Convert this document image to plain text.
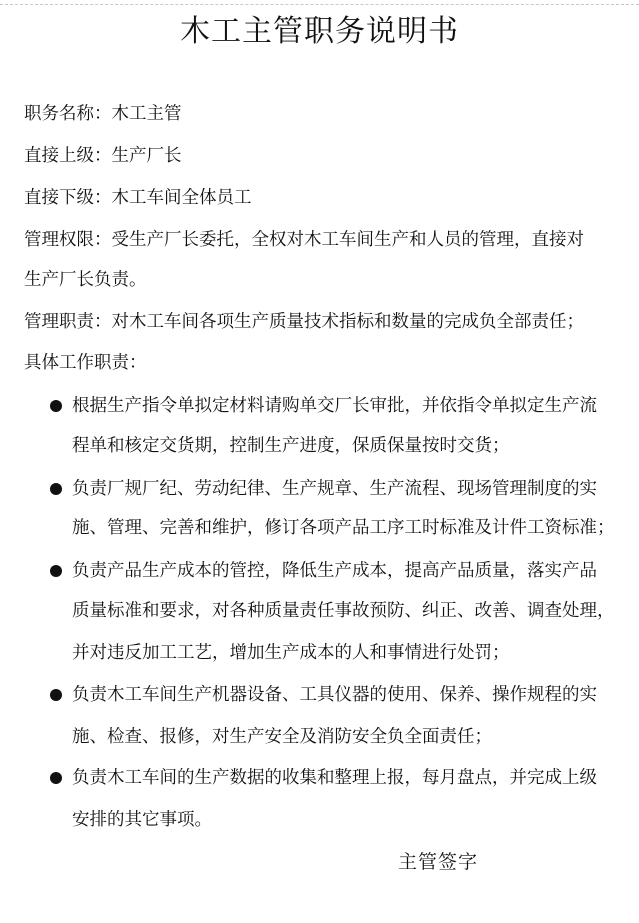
木工主管职务说明书
职务名称：木工主管
直接上级：生产厂长
直接下级：木工车间全体员工
管理权限：受生产厂长委托，全权对木工车间生产和人员的管理，直接对
生产厂长负责。
管理职责：对木工车间各项生产质量技术指标和数量的完成负全部责任；
具体工作职责：
根据生产指令单拟定材料请购单交厂长审批，并依指令单拟定生产流
程单和核定交货期，控制生产进度，保质保量按时交货；
负责厂规厂纪、劳动纪律、生产规章、生产流程、现场管理制度的实
施、管理、完善和维护，修订各项产品工序工时标准及计件工资标准；
负责产品生产成本的管控，降低生产成本，提高产品质量，落实产品
质量标准和要求，对各种质量责任事故预防、纠正、改善、调查处理，
并对违反加工工艺，增加生产成本的人和事情进行处罚；
负责木工车间生产机器设备、工具仪器的使用、保养、操作规程的实
施、检查、报修，对生产安全及消防安全负全面责任；
负责木工车间的生产数据的收集和整理上报，每月盘点，并完成上级
安排的其它事项。
主管签字
